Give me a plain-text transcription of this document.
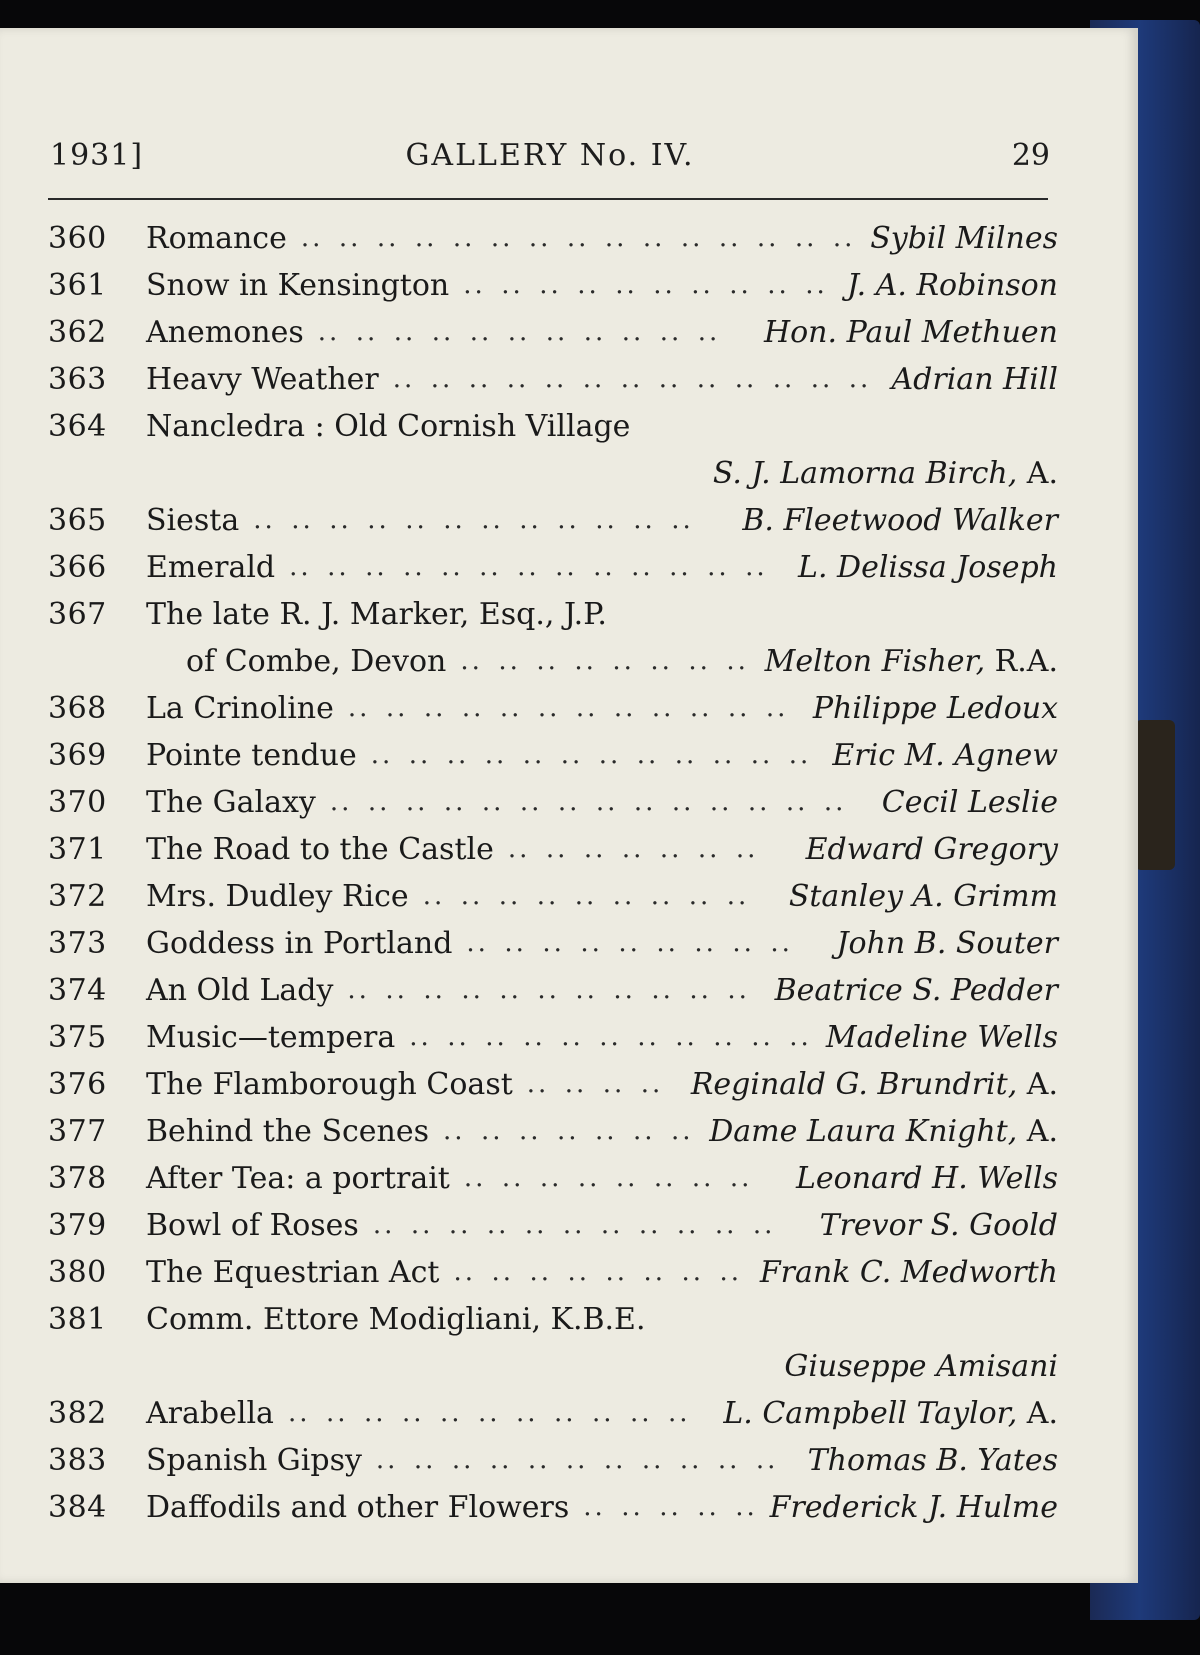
1931]	GALLERY No. IV.	29
360 Romance	Sybil Milnes
.. .. .. .. .. .. .. .. .. .. .. .. .. .. ..
361 Snow in Kensington	J. A. Robinson
.. .. .. .. .. .. .. .. .. ..
362 Anemones	Hon. Paul Methuen
.. .. .. .. .. .. .. .. .. .. ..
363 Heavy Weather	Adrian Hill
.. .. .. .. .. .. .. .. .. .. .. .. ..
364 Nancledra : Old Cornish Village
S. J. Lamorna Birch, A.
365 Siesta	B. Fleetwood Walker
.. .. .. .. .. .. .. .. .. .. .. ..
366 Emerald	L. Delissa Joseph
.. .. .. .. .. .. .. .. .. .. .. .. ..
367 The late R. J. Marker, Esq., J.P.
of Combe, Devon	Melton Fisher, R.A.
.. .. .. .. .. .. .. ..
368 La Crinoline	Philippe Ledoux
.. .. .. .. .. .. .. .. .. .. .. ..
369 Pointe tendue	Eric M. Agnew
.. .. .. .. .. .. .. .. .. .. .. ..
370 The Galaxy	Cecil Leslie
.. .. .. .. .. .. .. .. .. .. .. .. .. ..
371 The Road to the Castle	Edward Gregory
.. .. .. .. .. .. ..
372 Mrs. Dudley Rice	Stanley A. Grimm
.. .. .. .. .. .. .. .. ..
373 Goddess in Portland	John B. Souter
.. .. .. .. .. .. .. .. ..
374 An Old Lady	Beatrice S. Pedder
.. .. .. .. .. .. .. .. .. .. ..
375 Music—tempera	Madeline Wells
.. .. .. .. .. .. .. .. .. .. ..
376 The Flamborough Coast	Reginald G. Brundrit, A.
.. .. .. ..
377 Behind the Scenes	Dame Laura Knight, A.
.. .. .. .. .. .. ..
378 After Tea: a portrait	Leonard H. Wells
.. .. .. .. .. .. .. ..
379 Bowl of Roses	Trevor S. Goold
.. .. .. .. .. .. .. .. .. .. ..
380 The Equestrian Act	Frank C. Medworth
.. .. .. .. .. .. .. ..
381 Comm. Ettore Modigliani, K.B.E.
Giuseppe Amisani
382 Arabella	L. Campbell Taylor, A.
.. .. .. .. .. .. .. .. .. .. ..
383 Spanish Gipsy	Thomas B. Yates
.. .. .. .. .. .. .. .. .. .. ..
384 Daffodils and other Flowers	Frederick J. Hulme
.. .. .. .. ..
